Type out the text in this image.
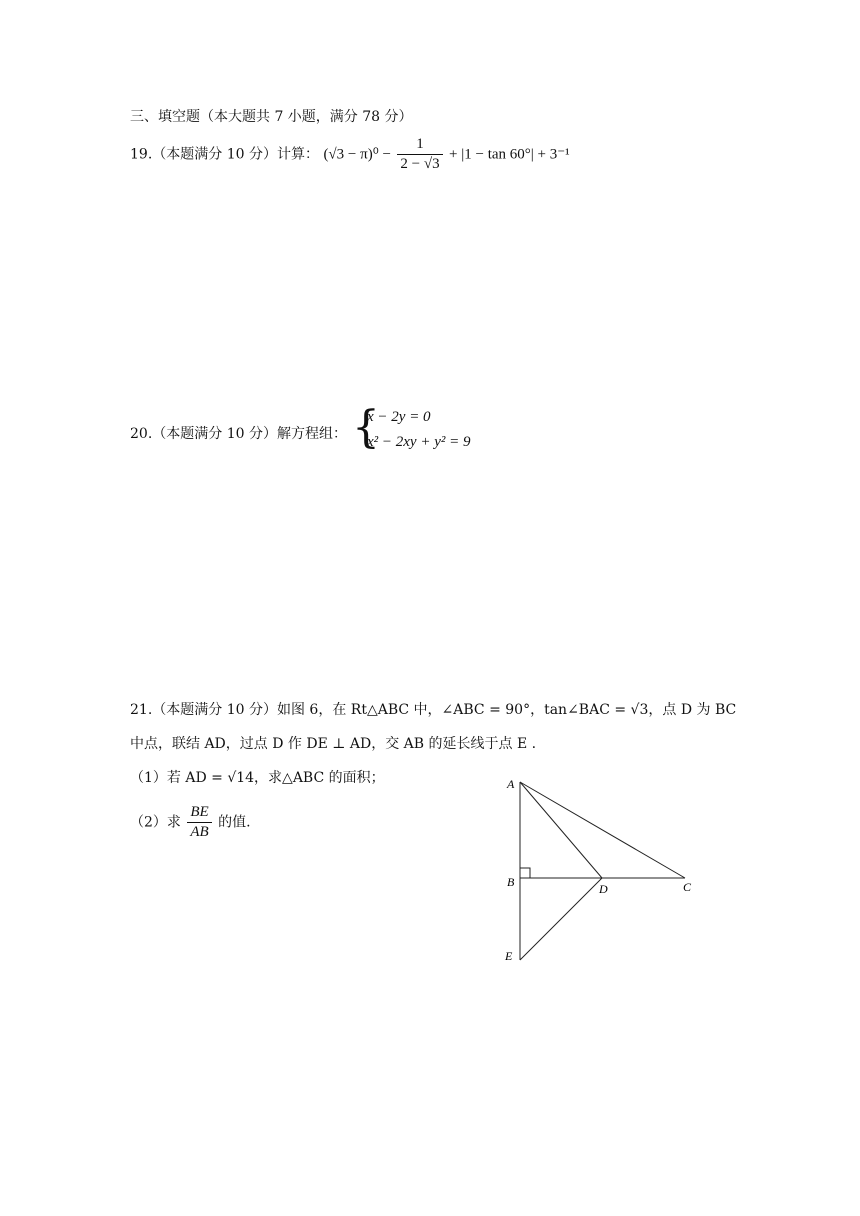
三、填空题（本大题共 7 小题，满分 78 分）
19.（本题满分 10 分）计算： $(√3 - \pi)^0 - \frac{1}{2 - √3} + |1 - \tan 60^\circ| + 3^{-1}$
20.（本题满分 10 分）解方程组： {
x − 2y = 0
x² − 2xy + y² = 9
21.（本题满分 10 分）如图 6，在 Rt△ABC 中，∠ABC = 90°，tan∠BAC = √3，点 D 为 BC
中点，联结 AD，过点 D 作 DE ⊥ AD，交 AB 的延长线于点 E .
（1）若 AD = √14，求△ABC 的面积；
（2）求 $\frac{BE}{AB}$ 的值.
A
B	D	C
E
